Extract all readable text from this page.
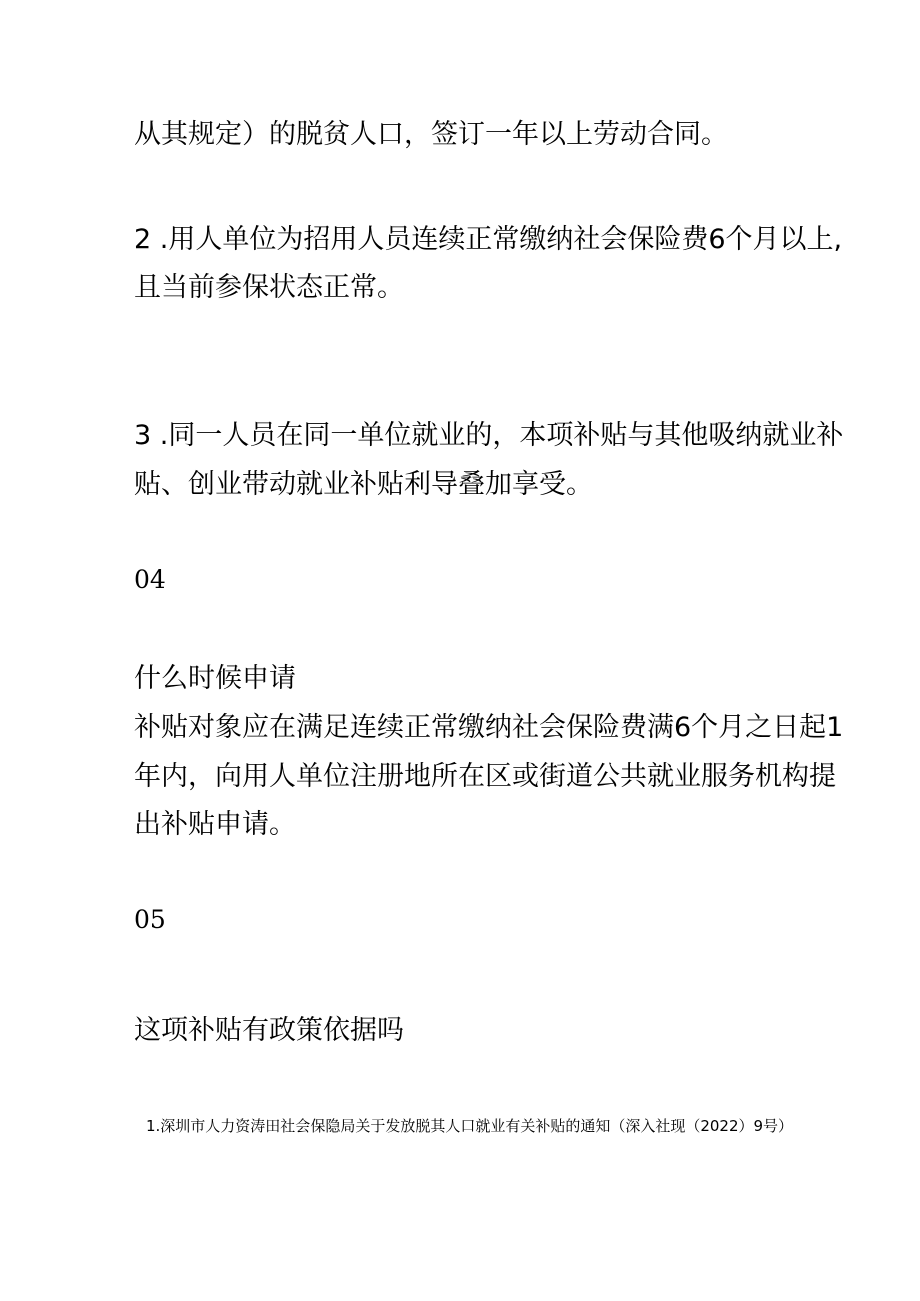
从其规定）的脱贫人口，签订一年以上劳动合同。
2 .用人单位为招用人员连续正常缴纳社会保险费6个月以上,
且当前参保状态正常。
3 .同一人员在同一单位就业的，本项补贴与其他吸纳就业补
贴、创业带动就业补贴利导叠加享受。
04
什么时候申请
补贴对象应在满足连续正常缴纳社会保险费满6个月之日起1
年内，向用人单位注册地所在区或街道公共就业服务机构提
出补贴申请。
05
这项补贴有政策依据吗
1.深圳市人力资涛田社会保隐局关于发放脱其人口就业有关补贴的通知（深入社现（2022）9号）
